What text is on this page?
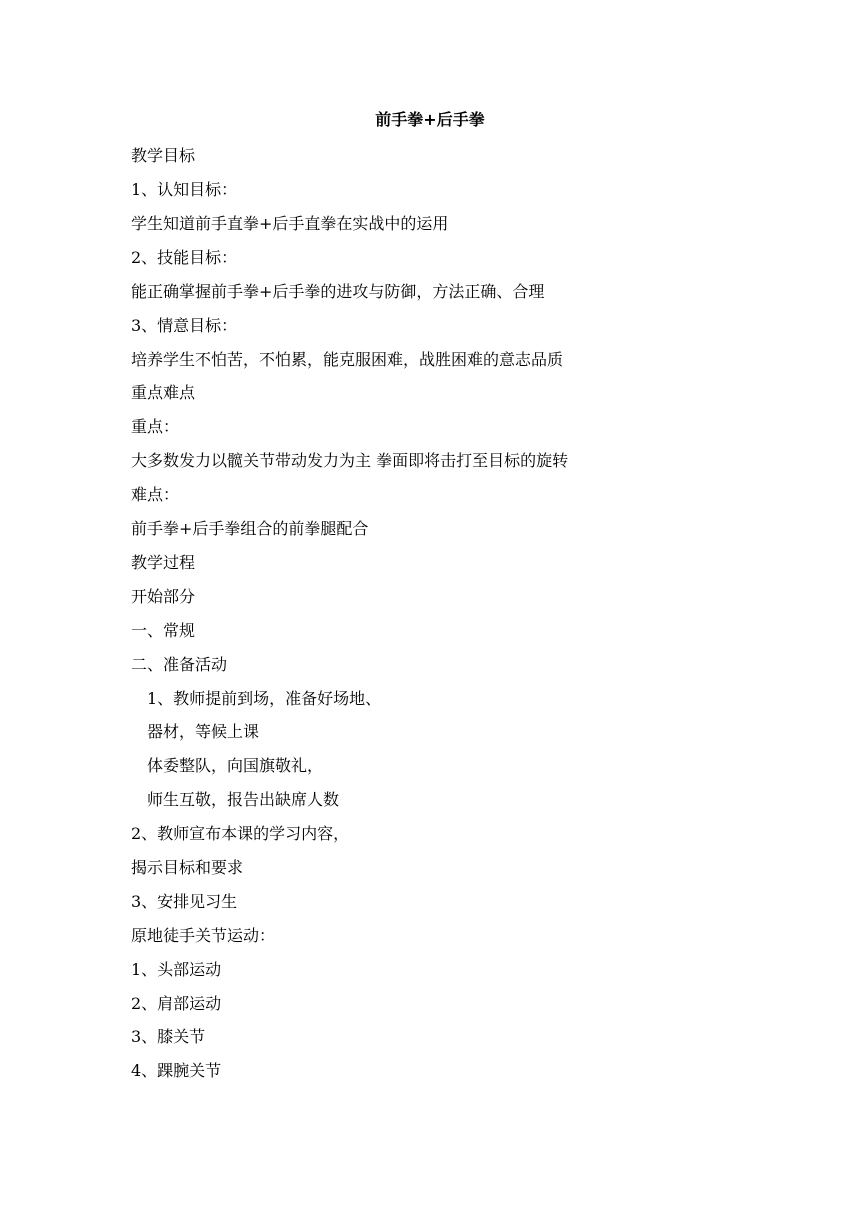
前手拳+后手拳
教学目标
1、认知目标：
学生知道前手直拳+后手直拳在实战中的运用
2、技能目标：
能正确掌握前手拳+后手拳的进攻与防御，方法正确、合理
3、情意目标：
培养学生不怕苦，不怕累，能克服困难，战胜困难的意志品质
重点难点
重点：
大多数发力以髋关节带动发力为主 拳面即将击打至目标的旋转
难点：
前手拳+后手拳组合的前拳腿配合
教学过程
开始部分
一、常规
二、准备活动
1、教师提前到场，准备好场地、
器材，等候上课
体委整队，向国旗敬礼，
师生互敬，报告出缺席人数
2、教师宣布本课的学习内容，
揭示目标和要求
3、安排见习生
原地徒手关节运动：
1、头部运动
2、肩部运动
3、膝关节
4、踝腕关节
